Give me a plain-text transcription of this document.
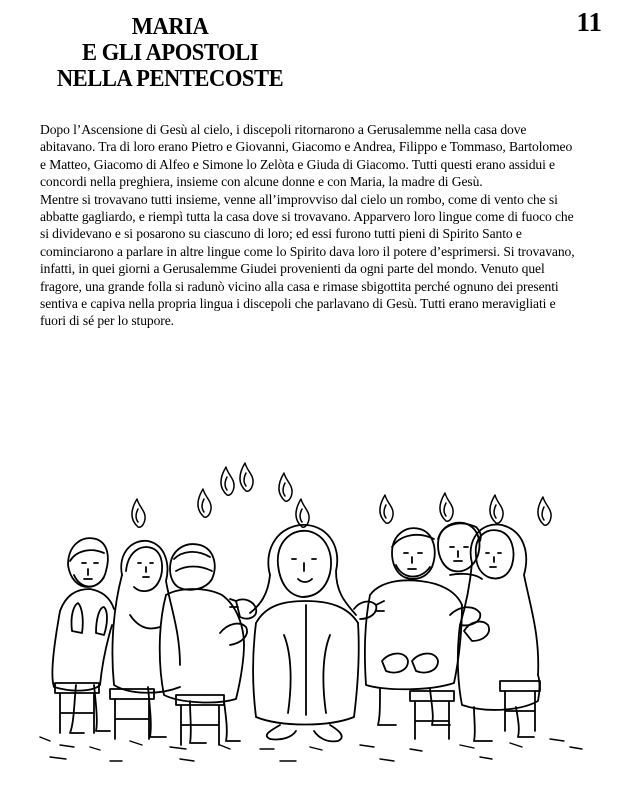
11
MARIA
E GLI APOSTOLI
NELLA PENTECOSTE

Dopo l’Ascensione di Gesù al cielo, i discepoli ritornarono a Gerusalemme nella casa dove abitavano. Tra di loro erano Pietro e Giovanni, Giacomo e Andrea, Filippo e Tommaso, Bartolomeo e Matteo, Giacomo di Alfeo e Simone lo Zelòta e Giuda di Giacomo. Tutti questi erano assidui e concordi nella preghiera, insieme con alcune donne e con Maria, la madre di Gesù.

Mentre si trovavano tutti insieme, venne all’improvviso dal cielo un rombo, come di vento che si abbatte gagliardo, e riempì tutta la casa dove si trovavano. Apparvero loro lingue come di fuoco che si dividevano e si posarono su ciascuno di loro; ed essi furono tutti pieni di Spirito Santo e cominciarono a parlare in altre lingue come lo Spirito dava loro il potere d’esprimersi. Si trovavano, infatti, in quei giorni a Gerusalemme Giudei provenienti da ogni parte del mondo. Venuto quel fragore, una grande folla si radunò vicino alla casa e rimase sbigottita perché ognuno dei presenti sentiva e capiva nella propria lingua i discepoli che parlavano di Gesù. Tutti erano meravigliati e fuori di sé per lo stupore.
